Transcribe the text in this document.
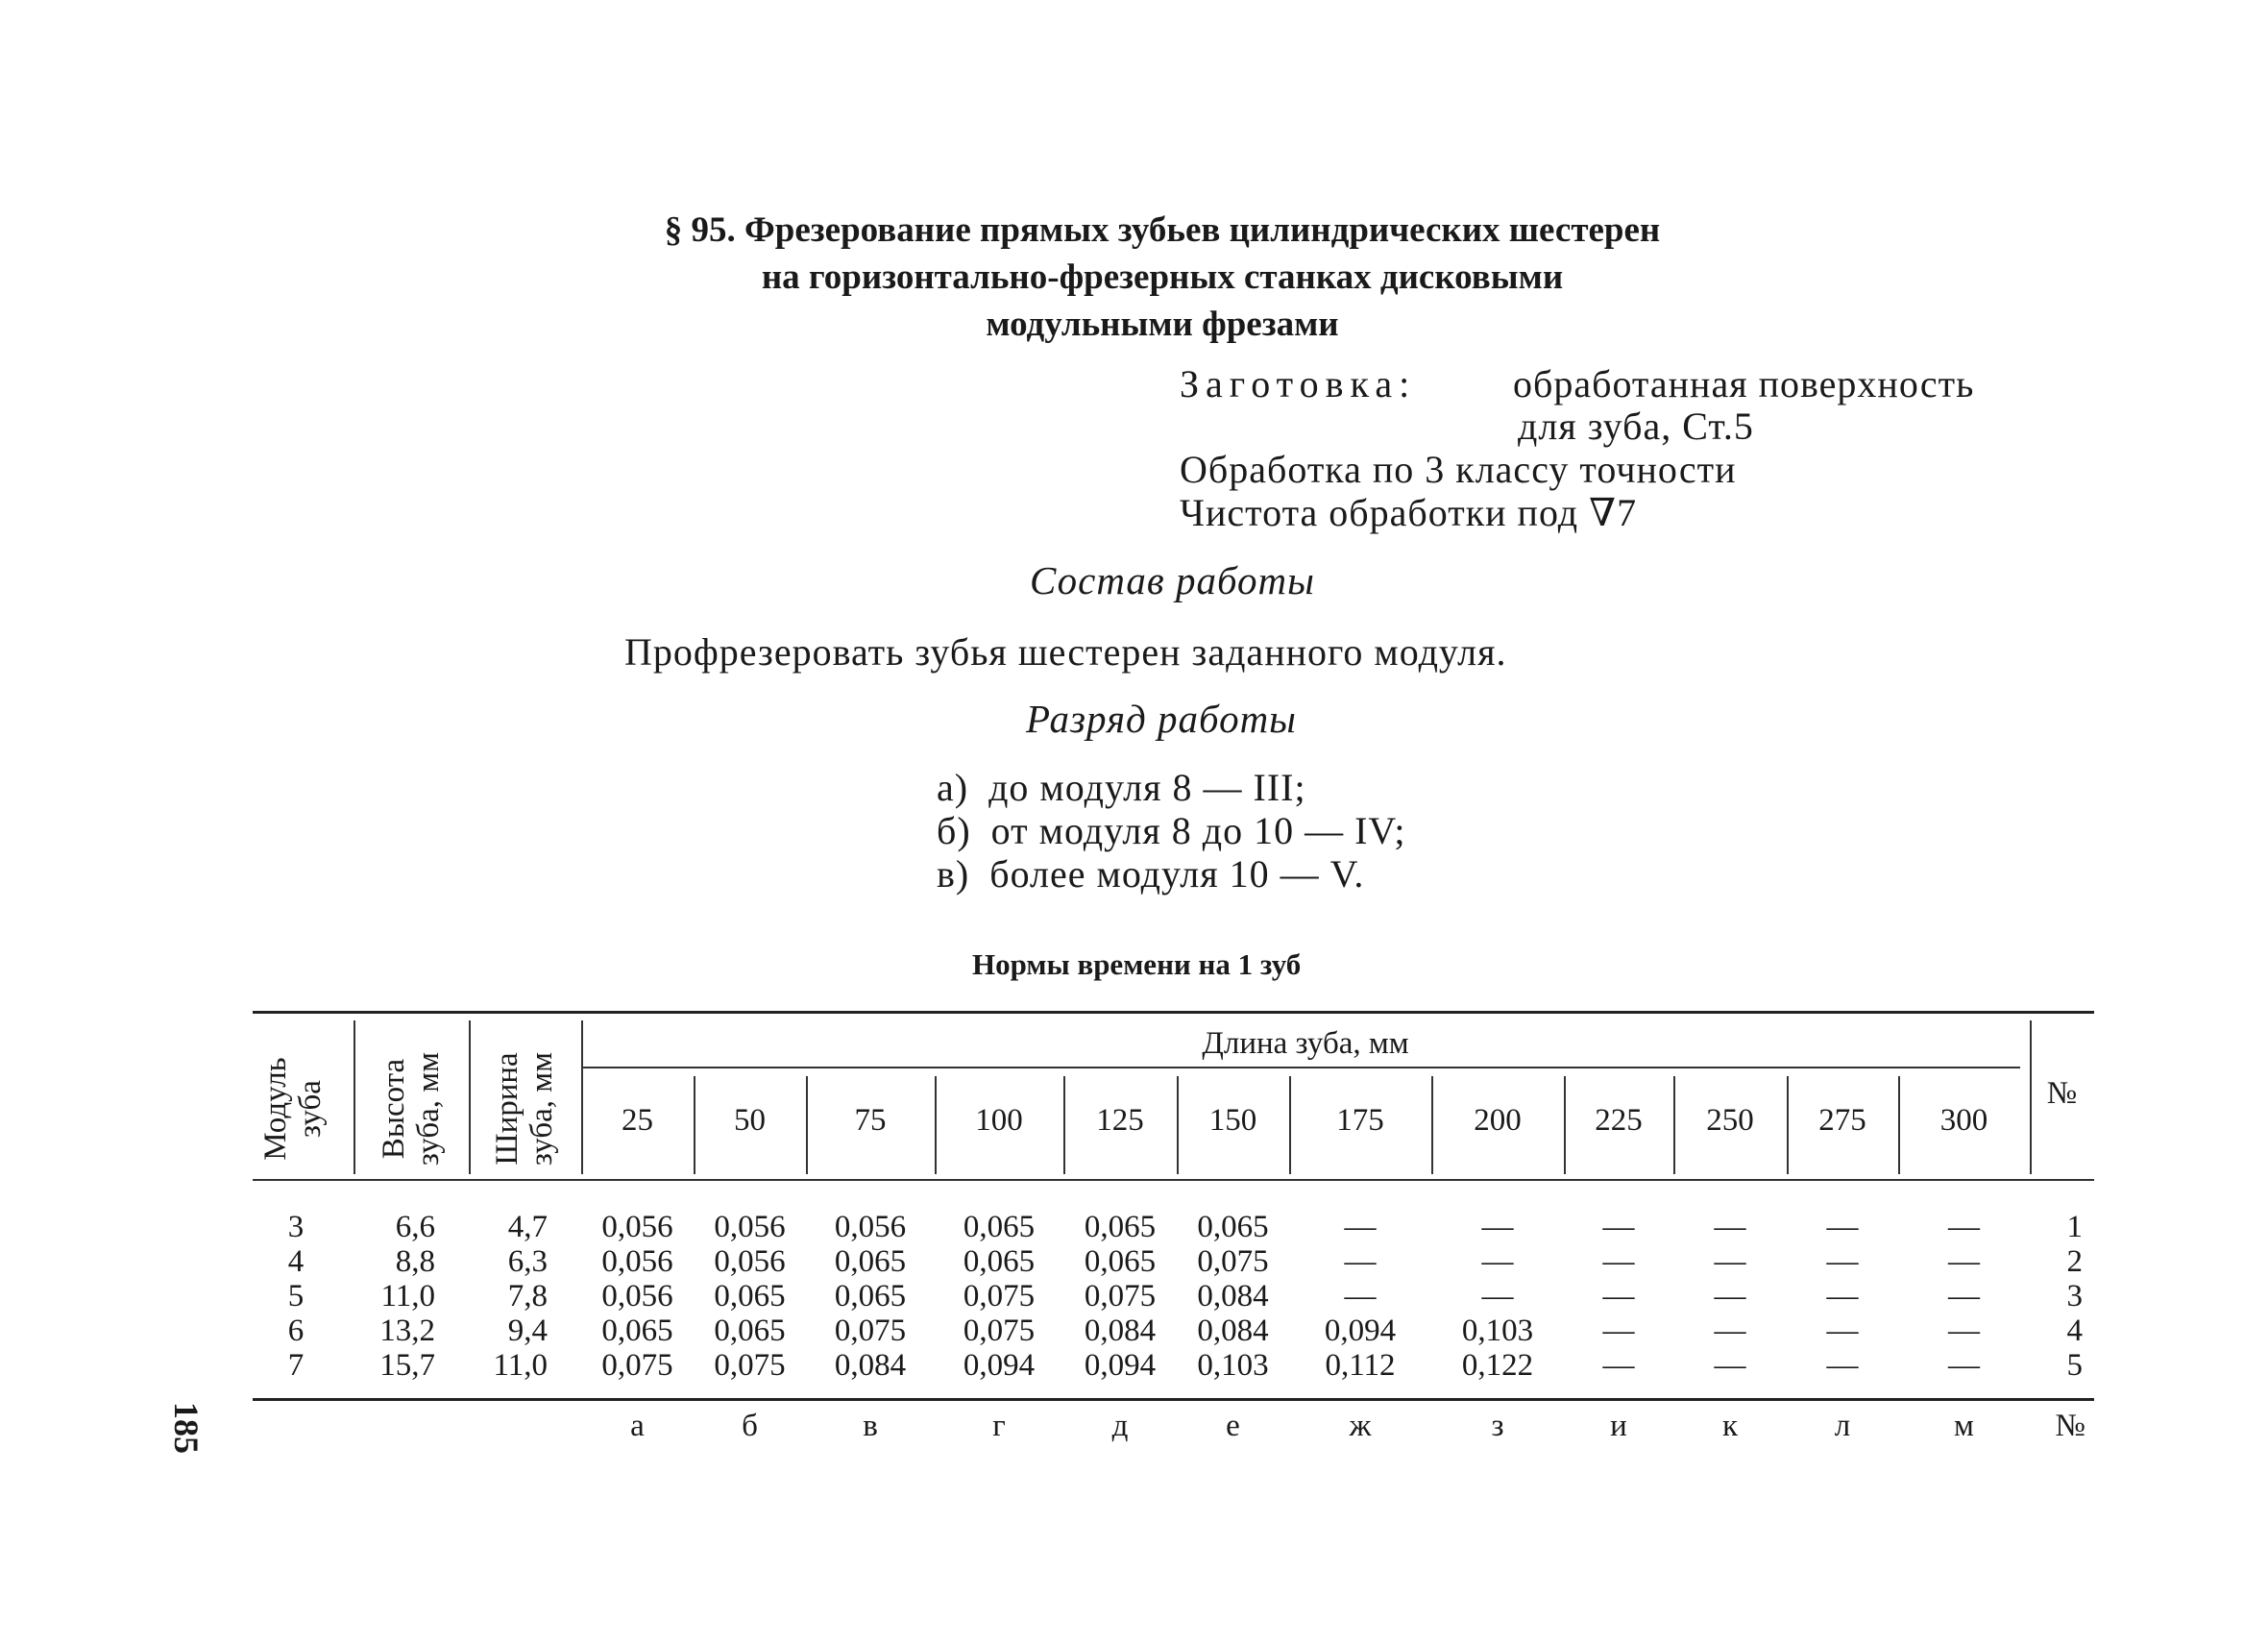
§ 95. Фрезерование прямых зубьев цилиндрических шестерен
на горизонтально-фрезерных станках дисковыми
модульными фрезами
Заготовка:	обработанная поверхность
для зуба, Ст.5
Обработка по 3 классу точности
Чистота обработки под ∇7
Состав работы
Профрезеровать зубья шестерен заданного модуля.
Разряд работы
а) до модуля 8 — III;
б) от модуля 8 до 10 — IV;
в) более модуля 10 — V.
Нормы времени на 1 зуб
Модуль зуба Высота зуба, мм Ширина зуба, мм
Длина зуба, мм
№
25	50	75	100	125	150	175	200	225	250	275	300
3	6,6	4,7	0,056	0,056	0,056	0,065	0,065	0,065	—	—	—	—	—	—	1
4	8,8	6,3	0,056	0,056	0,065	0,065	0,065	0,075	—	—	—	—	—	—	2
5	11,0	7,8	0,056	0,065	0,065	0,075	0,075	0,084	—	—	—	—	—	—	3
6	13,2	9,4	0,065	0,065	0,075	0,075	0,084	0,084	0,094	0,103	—	—	—	—	4
7	15,7	11,0	0,075	0,075	0,084	0,094	0,094	0,103	0,112	0,122	—	—	—	—	5
а	б	в	г	д	е	ж	з	и	к	л	м	№
185
